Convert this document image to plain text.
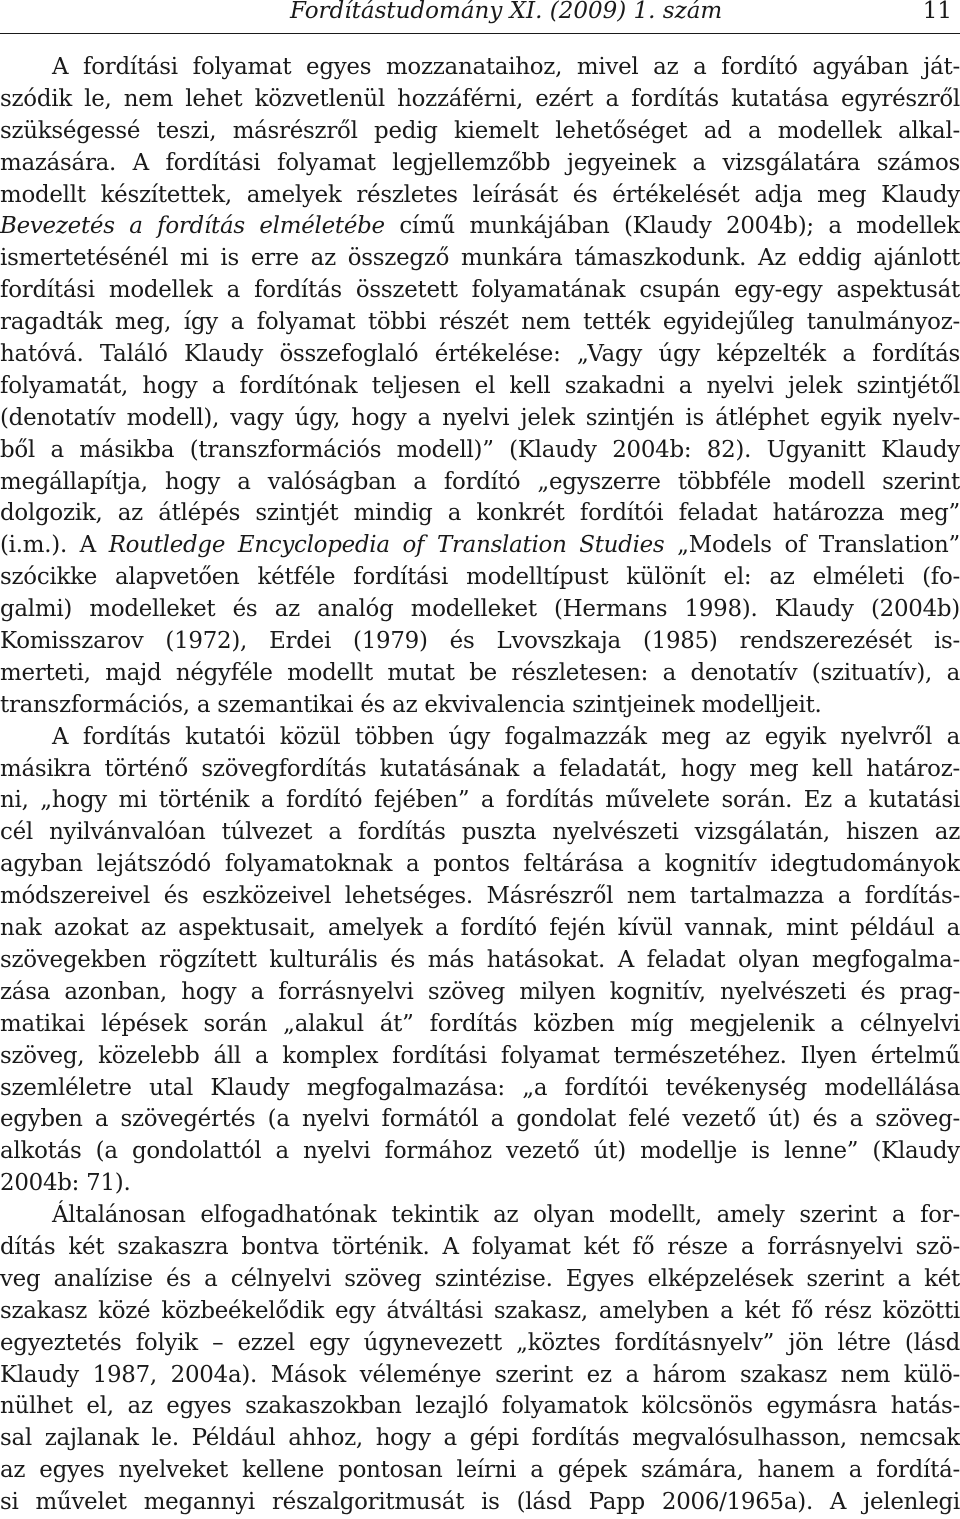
Fordítástudomány XI. (2009) 1. szám	11
A fordítási folyamat egyes mozzanataihoz, mivel az a fordító agyában ját-
szódik le, nem lehet közvetlenül hozzáférni, ezért a fordítás kutatása egyrészről
szükségessé teszi, másrészről pedig kiemelt lehetőséget ad a modellek alkal-
mazására. A fordítási folyamat legjellemzőbb jegyeinek a vizsgálatára számos
modellt készítettek, amelyek részletes leírását és értékelését adja meg Klaudy
Bevezetés a fordítás elméletébe című munkájában (Klaudy 2004b); a modellek
ismertetésénél mi is erre az összegző munkára támaszkodunk. Az eddig ajánlott
fordítási modellek a fordítás összetett folyamatának csupán egy-egy aspektusát
ragadták meg, így a folyamat többi részét nem tették egyidejűleg tanulmányoz-
hatóvá. Találó Klaudy összefoglaló értékelése: „Vagy úgy képzelték a fordítás
folyamatát, hogy a fordítónak teljesen el kell szakadni a nyelvi jelek szintjétől
(denotatív modell), vagy úgy, hogy a nyelvi jelek szintjén is átléphet egyik nyelv-
ből a másikba (transzformációs modell)” (Klaudy 2004b: 82). Ugyanitt Klaudy
megállapítja, hogy a valóságban a fordító „egyszerre többféle modell szerint
dolgozik, az átlépés szintjét mindig a konkrét fordítói feladat határozza meg”
(i.m.). A Routledge Encyclopedia of Translation Studies „Models of Translation”
szócikke alapvetően kétféle fordítási modelltípust különít el: az elméleti (fo-
galmi) modelleket és az analóg modelleket (Hermans 1998). Klaudy (2004b)
Komisszarov (1972), Erdei (1979) és Lvovszkaja (1985) rendszerezését is-
merteti, majd négyféle modellt mutat be részletesen: a denotatív (szituatív), a
transzformációs, a szemantikai és az ekvivalencia szintjeinek modelljeit.
A fordítás kutatói közül többen úgy fogalmazzák meg az egyik nyelvről a
másikra történő szövegfordítás kutatásának a feladatát, hogy meg kell határoz-
ni, „hogy mi történik a fordító fejében” a fordítás művelete során. Ez a kutatási
cél nyilvánvalóan túlvezet a fordítás puszta nyelvészeti vizsgálatán, hiszen az
agyban lejátszódó folyamatoknak a pontos feltárása a kognitív idegtudományok
módszereivel és eszközeivel lehetséges. Másrészről nem tartalmazza a fordítás-
nak azokat az aspektusait, amelyek a fordító fején kívül vannak, mint például a
szövegekben rögzített kulturális és más hatásokat. A feladat olyan megfogalma-
zása azonban, hogy a forrásnyelvi szöveg milyen kognitív, nyelvészeti és prag-
matikai lépések során „alakul át” fordítás közben míg megjelenik a célnyelvi
szöveg, közelebb áll a komplex fordítási folyamat természetéhez. Ilyen értelmű
szemléletre utal Klaudy megfogalmazása: „a fordítói tevékenység modellálása
egyben a szövegértés (a nyelvi formától a gondolat felé vezető út) és a szöveg-
alkotás (a gondolattól a nyelvi formához vezető út) modellje is lenne” (Klaudy
2004b: 71).
Általánosan elfogadhatónak tekintik az olyan modellt, amely szerint a for-
dítás két szakaszra bontva történik. A folyamat két fő része a forrásnyelvi szö-
veg analízise és a célnyelvi szöveg szintézise. Egyes elképzelések szerint a két
szakasz közé közbeékelődik egy átváltási szakasz, amelyben a két fő rész közötti
egyeztetés folyik – ezzel egy úgynevezett „köztes fordításnyelv” jön létre (lásd
Klaudy 1987, 2004a). Mások véleménye szerint ez a három szakasz nem külö-
nülhet el, az egyes szakaszokban lezajló folyamatok kölcsönös egymásra hatás-
sal zajlanak le. Például ahhoz, hogy a gépi fordítás megvalósulhasson, nemcsak
az egyes nyelveket kellene pontosan leírni a gépek számára, hanem a fordítá-
si művelet megannyi részalgoritmusát is (lásd Papp 2006/1965a). A jelenlegi
